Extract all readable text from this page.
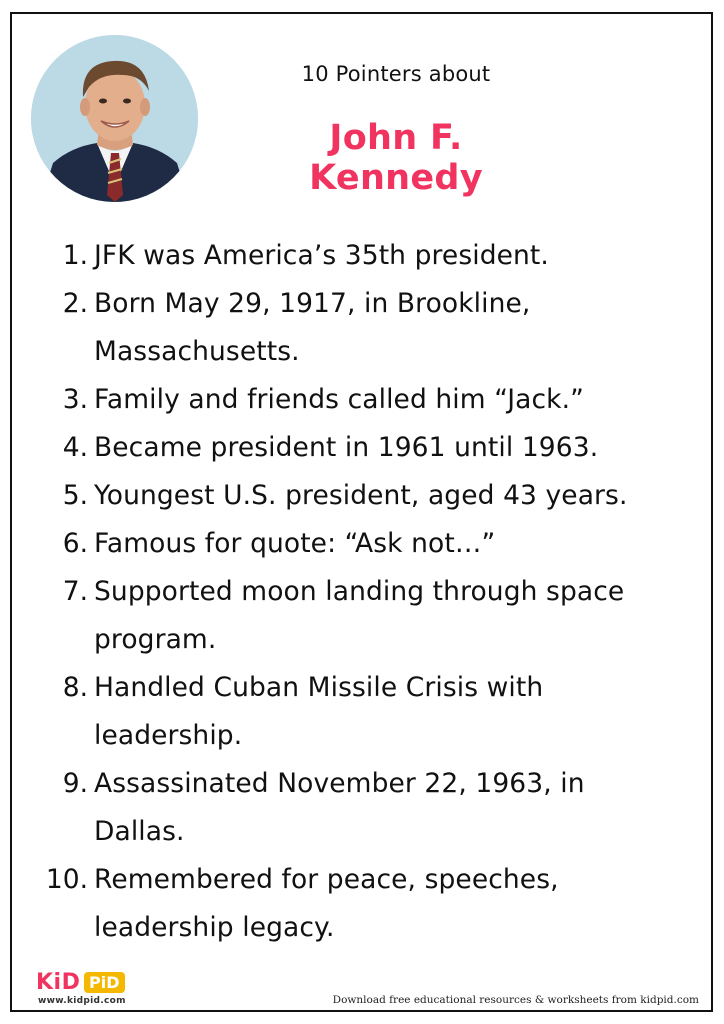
10 Pointers about
John F. Kennedy
1. JFK was America’s 35th president.
2. Born May 29, 1917, in Brookline,
Massachusetts.
3. Family and friends called him “Jack.”
4. Became president in 1961 until 1963.
5. Youngest U.S. president, aged 43 years.
6. Famous for quote: “Ask not…”
7. Supported moon landing through space
program.
8. Handled Cuban Missile Crisis with
leadership.
9. Assassinated November 22, 1963, in
Dallas.
10. Remembered for peace, speeches,
leadership legacy.
KiD PiD
www.kidpid.com	Download free educational resources & worksheets from kidpid.com
